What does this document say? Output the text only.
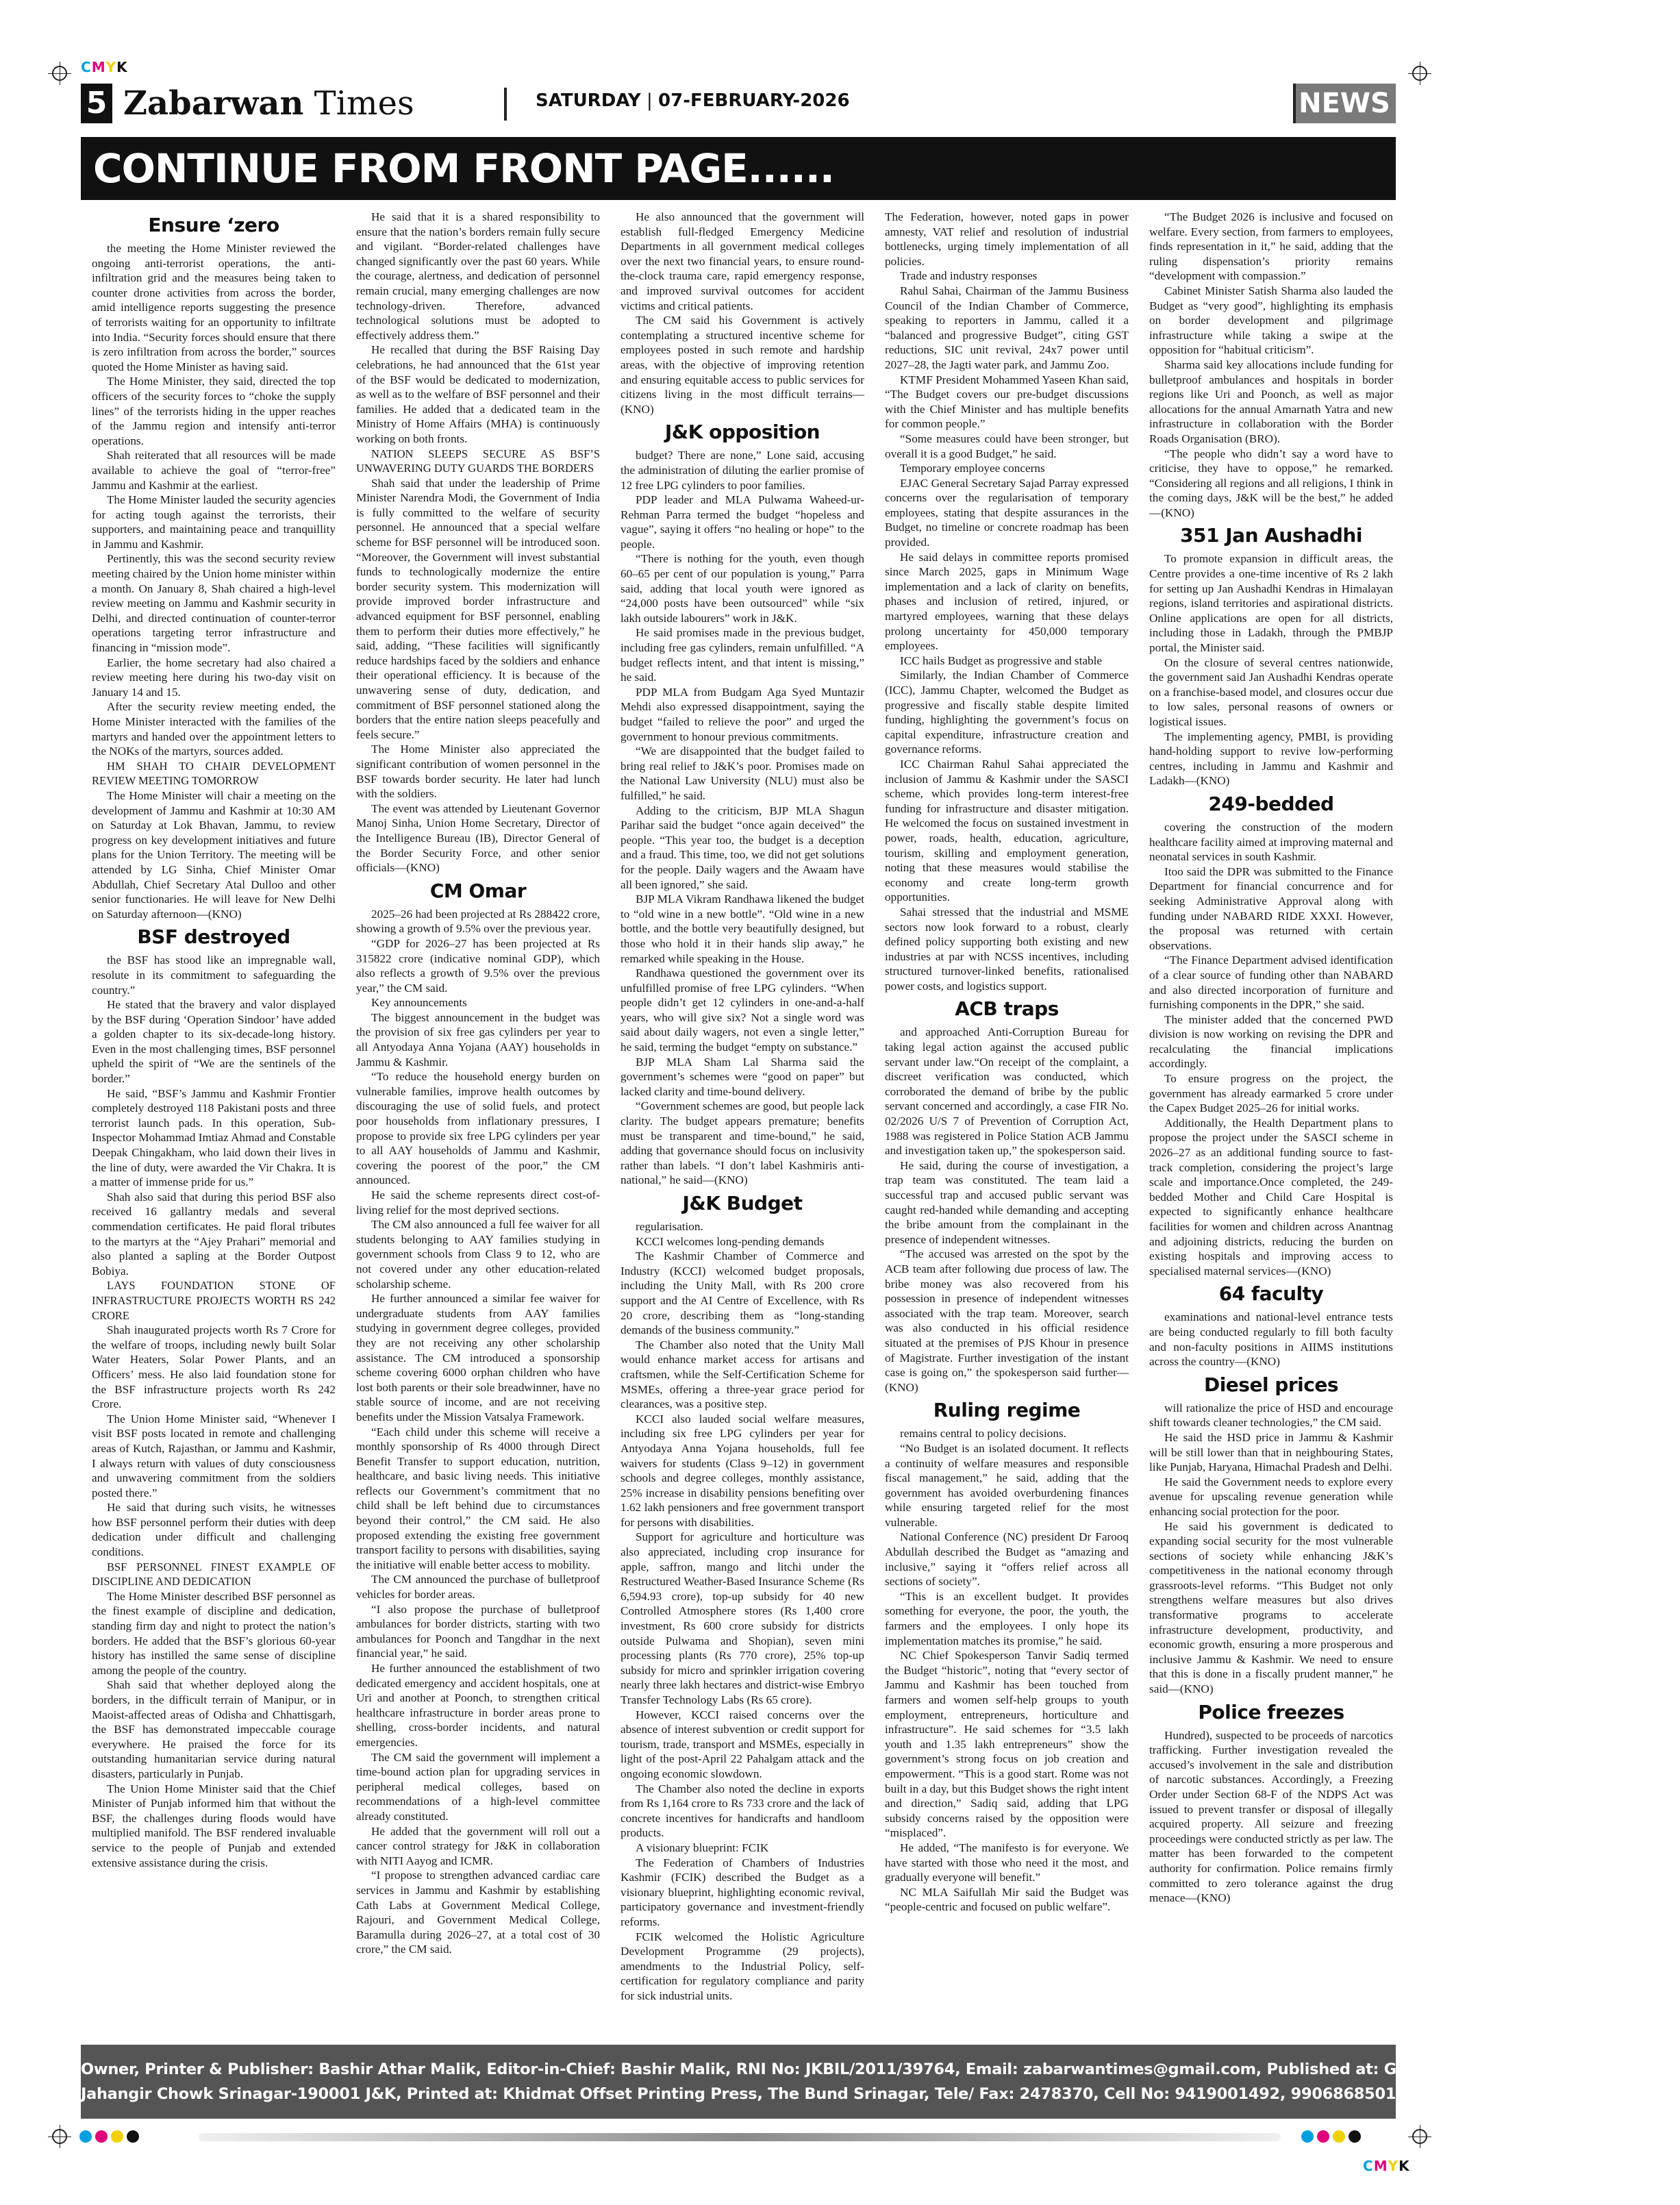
CMYK
5 Zabarwan Times	SATURDAY | 07-FEBRUARY-2026	NEWS
CONTINUE FROM FRONT PAGE......
Ensure ‘zero

the meeting the Home Minister reviewed the ongoing anti-terrorist operations, the anti-infiltration grid and the measures being taken to counter drone activities from across the border, amid intelligence reports suggesting the presence of terrorists waiting for an opportunity to infiltrate into India. “Security forces should ensure that there is zero infiltration from across the border,” sources quoted the Home Minister as having said.

The Home Minister, they said, directed the top officers of the security forces to “choke the supply lines” of the terrorists hiding in the upper reaches of the Jammu region and intensify anti-terror operations.

Shah reiterated that all resources will be made available to achieve the goal of “terror-free” Jammu and Kashmir at the earliest.

The Home Minister lauded the security agencies for acting tough against the terrorists, their supporters, and maintaining peace and tranquillity in Jammu and Kashmir.

Pertinently, this was the second security review meeting chaired by the Union home minister within a month. On January 8, Shah chaired a high-level review meeting on Jammu and Kashmir security in Delhi, and directed continuation of counter-terror operations targeting terror infrastructure and financing in “mission mode”.

Earlier, the home secretary had also chaired a review meeting here during his two-day visit on January 14 and 15.

After the security review meeting ended, the Home Minister interacted with the families of the martyrs and handed over the appointment letters to the NOKs of the martyrs, sources added.

HM SHAH TO CHAIR DEVELOPMENT REVIEW MEETING TOMORROW

The Home Minister will chair a meeting on the development of Jammu and Kashmir at 10:30 AM on Saturday at Lok Bhavan, Jammu, to review progress on key development initiatives and future plans for the Union Territory. The meeting will be attended by LG Sinha, Chief Minister Omar Abdullah, Chief Secretary Atal Dulloo and other senior functionaries. He will leave for New Delhi on Saturday afternoon—(KNO)

BSF destroyed

the BSF has stood like an impregnable wall, resolute in its commitment to safeguarding the country.”

He stated that the bravery and valor displayed by the BSF during ‘Operation Sindoor’ have added a golden chapter to its six-decade-long history. Even in the most challenging times, BSF personnel upheld the spirit of “We are the sentinels of the border.”

He said, “BSF’s Jammu and Kashmir Frontier completely destroyed 118 Pakistani posts and three terrorist launch pads. In this operation, Sub-Inspector Mohammad Imtiaz Ahmad and Constable Deepak Chingakham, who laid down their lives in the line of duty, were awarded the Vir Chakra. It is a matter of immense pride for us.”

Shah also said that during this period BSF also received 16 gallantry medals and several commendation certificates. He paid floral tributes to the martyrs at the “Ajey Prahari” memorial and also planted a sapling at the Border Outpost Bobiya.

LAYS FOUNDATION STONE OF INFRASTRUCTURE PROJECTS WORTH RS 242 CRORE

Shah inaugurated projects worth Rs 7 Crore for the welfare of troops, including newly built Solar Water Heaters, Solar Power Plants, and an Officers’ mess. He also laid foundation stone for the BSF infrastructure projects worth Rs 242 Crore.

The Union Home Minister said, “Whenever I visit BSF posts located in remote and challenging areas of Kutch, Rajasthan, or Jammu and Kashmir, I always return with values of duty consciousness and unwavering commitment from the soldiers posted there.”

He said that during such visits, he witnesses how BSF personnel perform their duties with deep dedication under difficult and challenging conditions.

BSF PERSONNEL FINEST EXAMPLE OF DISCIPLINE AND DEDICATION

The Home Minister described BSF personnel as the finest example of discipline and dedication, standing firm day and night to protect the nation’s borders. He added that the BSF’s glorious 60-year history has instilled the same sense of discipline among the people of the country.

Shah said that whether deployed along the borders, in the difficult terrain of Manipur, or in Maoist-affected areas of Odisha and Chhattisgarh, the BSF has demonstrated impeccable courage everywhere. He praised the force for its outstanding humanitarian service during natural disasters, particularly in Punjab.

The Union Home Minister said that the Chief Minister of Punjab informed him that without the BSF, the challenges during floods would have multiplied manifold. The BSF rendered invaluable service to the people of Punjab and extended extensive assistance during the crisis.

He said that it is a shared responsibility to ensure that the nation’s borders remain fully secure and vigilant. “Border-related challenges have changed significantly over the past 60 years. While the courage, alertness, and dedication of personnel remain crucial, many emerging challenges are now technology-driven. Therefore, advanced technological solutions must be adopted to effectively address them.”

He recalled that during the BSF Raising Day celebrations, he had announced that the 61st year of the BSF would be dedicated to modernization, as well as to the welfare of BSF personnel and their families. He added that a dedicated team in the Ministry of Home Affairs (MHA) is continuously working on both fronts.

NATION SLEEPS SECURE AS BSF’S UNWAVERING DUTY GUARDS THE BORDERS

Shah said that under the leadership of Prime Minister Narendra Modi, the Government of India is fully committed to the welfare of security personnel. He announced that a special welfare scheme for BSF personnel will be introduced soon. “Moreover, the Government will invest substantial funds to technologically modernize the entire border security system. This modernization will provide improved border infrastructure and advanced equipment for BSF personnel, enabling them to perform their duties more effectively,” he said, adding, “These facilities will significantly reduce hardships faced by the soldiers and enhance their operational efficiency. It is because of the unwavering sense of duty, dedication, and commitment of BSF personnel stationed along the borders that the entire nation sleeps peacefully and feels secure.”

The Home Minister also appreciated the significant contribution of women personnel in the BSF towards border security. He later had lunch with the soldiers.

The event was attended by Lieutenant Governor Manoj Sinha, Union Home Secretary, Director of the Intelligence Bureau (IB), Director General of the Border Security Force, and other senior officials—(KNO)

CM Omar

2025–26 had been projected at Rs 288422 crore, showing a growth of 9.5% over the previous year.

“GDP for 2026–27 has been projected at Rs 315822 crore (indicative nominal GDP), which also reflects a growth of 9.5% over the previous year,” the CM said.

Key announcements

The biggest announcement in the budget was the provision of six free gas cylinders per year to all Antyodaya Anna Yojana (AAY) households in Jammu & Kashmir.

“To reduce the household energy burden on vulnerable families, improve health outcomes by discouraging the use of solid fuels, and protect poor households from inflationary pressures, I propose to provide six free LPG cylinders per year to all AAY households of Jammu and Kashmir, covering the poorest of the poor,” the CM announced.

He said the scheme represents direct cost-of-living relief for the most deprived sections.

The CM also announced a full fee waiver for all students belonging to AAY families studying in government schools from Class 9 to 12, who are not covered under any other education-related scholarship scheme.

He further announced a similar fee waiver for undergraduate students from AAY families studying in government degree colleges, provided they are not receiving any other scholarship assistance. The CM introduced a sponsorship scheme covering 6000 orphan children who have lost both parents or their sole breadwinner, have no stable source of income, and are not receiving benefits under the Mission Vatsalya Framework.

“Each child under this scheme will receive a monthly sponsorship of Rs 4000 through Direct Benefit Transfer to support education, nutrition, healthcare, and basic living needs. This initiative reflects our Government’s commitment that no child shall be left behind due to circumstances beyond their control,” the CM said. He also proposed extending the existing free government transport facility to persons with disabilities, saying the initiative will enable better access to mobility.

The CM announced the purchase of bulletproof vehicles for border areas.

“I also propose the purchase of bulletproof ambulances for border districts, starting with two ambulances for Poonch and Tangdhar in the next financial year,” he said.

He further announced the establishment of two dedicated emergency and accident hospitals, one at Uri and another at Poonch, to strengthen critical healthcare infrastructure in border areas prone to shelling, cross-border incidents, and natural emergencies.

The CM said the government will implement a time-bound action plan for upgrading services in peripheral medical colleges, based on recommendations of a high-level committee already constituted.

He added that the government will roll out a cancer control strategy for J&K in collaboration with NITI Aayog and ICMR.

“I propose to strengthen advanced cardiac care services in Jammu and Kashmir by establishing Cath Labs at Government Medical College, Rajouri, and Government Medical College, Baramulla during 2026–27, at a total cost of 30 crore,” the CM said.

He also announced that the government will establish full-fledged Emergency Medicine Departments in all government medical colleges over the next two financial years, to ensure round-the-clock trauma care, rapid emergency response, and improved survival outcomes for accident victims and critical patients.

The CM said his Government is actively contemplating a structured incentive scheme for employees posted in such remote and hardship areas, with the objective of improving retention and ensuring equitable access to public services for citizens living in the most difficult terrains—(KNO)

J&K opposition

budget? There are none,” Lone said, accusing the administration of diluting the earlier promise of 12 free LPG cylinders to poor families.

PDP leader and MLA Pulwama Waheed-ur-Rehman Parra termed the budget “hopeless and vague”, saying it offers “no healing or hope” to the people.

“There is nothing for the youth, even though 60–65 per cent of our population is young,” Parra said, adding that local youth were ignored as “24,000 posts have been outsourced” while “six lakh outside labourers” work in J&K.

He said promises made in the previous budget, including free gas cylinders, remain unfulfilled. “A budget reflects intent, and that intent is missing,” he said.

PDP MLA from Budgam Aga Syed Muntazir Mehdi also expressed disappointment, saying the budget “failed to relieve the poor” and urged the government to honour previous commitments.

“We are disappointed that the budget failed to bring real relief to J&K’s poor. Promises made on the National Law University (NLU) must also be fulfilled,” he said.

Adding to the criticism, BJP MLA Shagun Parihar said the budget “once again deceived” the people. “This year too, the budget is a deception and a fraud. This time, too, we did not get solutions for the people. Daily wagers and the Awaam have all been ignored,” she said.

BJP MLA Vikram Randhawa likened the budget to “old wine in a new bottle”. “Old wine in a new bottle, and the bottle very beautifully designed, but those who hold it in their hands slip away,” he remarked while speaking in the House.

Randhawa questioned the government over its unfulfilled promise of free LPG cylinders. “When people didn’t get 12 cylinders in one-and-a-half years, who will give six? Not a single word was said about daily wagers, not even a single letter,” he said, terming the budget “empty on substance.”

BJP MLA Sham Lal Sharma said the government’s schemes were “good on paper” but lacked clarity and time-bound delivery.

“Government schemes are good, but people lack clarity. The budget appears premature; benefits must be transparent and time-bound,” he said, adding that governance should focus on inclusivity rather than labels. “I don’t label Kashmiris anti-national,” he said—(KNO)

J&K Budget

regularisation.

KCCI welcomes long-pending demands

The Kashmir Chamber of Commerce and Industry (KCCI) welcomed budget proposals, including the Unity Mall, with Rs 200 crore support and the AI Centre of Excellence, with Rs 20 crore, describing them as “long-standing demands of the business community.”

The Chamber also noted that the Unity Mall would enhance market access for artisans and craftsmen, while the Self-Certification Scheme for MSMEs, offering a three-year grace period for clearances, was a positive step.

KCCI also lauded social welfare measures, including six free LPG cylinders per year for Antyodaya Anna Yojana households, full fee waivers for students (Class 9–12) in government schools and degree colleges, monthly assistance, 25% increase in disability pensions benefiting over 1.62 lakh pensioners and free government transport for persons with disabilities.

Support for agriculture and horticulture was also appreciated, including crop insurance for apple, saffron, mango and litchi under the Restructured Weather-Based Insurance Scheme (Rs 6,594.93 crore), top-up subsidy for 40 new Controlled Atmosphere stores (Rs 1,400 crore investment, Rs 600 crore subsidy for districts outside Pulwama and Shopian), seven mini processing plants (Rs 770 crore), 25% top-up subsidy for micro and sprinkler irrigation covering nearly three lakh hectares and district-wise Embryo Transfer Technology Labs (Rs 65 crore).

However, KCCI raised concerns over the absence of interest subvention or credit support for tourism, trade, transport and MSMEs, especially in light of the post-April 22 Pahalgam attack and the ongoing economic slowdown.

The Chamber also noted the decline in exports from Rs 1,164 crore to Rs 733 crore and the lack of concrete incentives for handicrafts and handloom products.

A visionary blueprint: FCIK

The Federation of Chambers of Industries Kashmir (FCIK) described the Budget as a visionary blueprint, highlighting economic revival, participatory governance and investment-friendly reforms.

FCIK welcomed the Holistic Agriculture Development Programme (29 projects), amendments to the Industrial Policy, self-certification for regulatory compliance and parity for sick industrial units.

The Federation, however, noted gaps in power amnesty, VAT relief and resolution of industrial bottlenecks, urging timely implementation of all policies.

Trade and industry responses

Rahul Sahai, Chairman of the Jammu Business Council of the Indian Chamber of Commerce, speaking to reporters in Jammu, called it a “balanced and progressive Budget”, citing GST reductions, SIC unit revival, 24x7 power until 2027–28, the Jagti water park, and Jammu Zoo.

KTMF President Mohammed Yaseen Khan said, “The Budget covers our pre-budget discussions with the Chief Minister and has multiple benefits for common people.”

“Some measures could have been stronger, but overall it is a good Budget,” he said.

Temporary employee concerns

EJAC General Secretary Sajad Parray expressed concerns over the regularisation of temporary employees, stating that despite assurances in the Budget, no timeline or concrete roadmap has been provided.

He said delays in committee reports promised since March 2025, gaps in Minimum Wage implementation and a lack of clarity on benefits, phases and inclusion of retired, injured, or martyred employees, warning that these delays prolong uncertainty for 450,000 temporary employees.

ICC hails Budget as progressive and stable

Similarly, the Indian Chamber of Commerce (ICC), Jammu Chapter, welcomed the Budget as progressive and fiscally stable despite limited funding, highlighting the government’s focus on capital expenditure, infrastructure creation and governance reforms.

ICC Chairman Rahul Sahai appreciated the inclusion of Jammu & Kashmir under the SASCI scheme, which provides long-term interest-free funding for infrastructure and disaster mitigation. He welcomed the focus on sustained investment in power, roads, health, education, agriculture, tourism, skilling and employment generation, noting that these measures would stabilise the economy and create long-term growth opportunities.

Sahai stressed that the industrial and MSME sectors now look forward to a robust, clearly defined policy supporting both existing and new industries at par with NCSS incentives, including structured turnover-linked benefits, rationalised power costs, and logistics support.

ACB traps

and approached Anti-Corruption Bureau for taking legal action against the accused public servant under law.“On receipt of the complaint, a discreet verification was conducted, which corroborated the demand of bribe by the public servant concerned and accordingly, a case FIR No. 02/2026 U/S 7 of Prevention of Corruption Act, 1988 was registered in Police Station ACB Jammu and investigation taken up,” the spokesperson said.

He said, during the course of investigation, a trap team was constituted. The team laid a successful trap and accused public servant was caught red-handed while demanding and accepting the bribe amount from the complainant in the presence of independent witnesses.

“The accused was arrested on the spot by the ACB team after following due process of law. The bribe money was also recovered from his possession in presence of independent witnesses associated with the trap team. Moreover, search was also conducted in his official residence situated at the premises of PJS Khour in presence of Magistrate. Further investigation of the instant case is going on,” the spokesperson said further—(KNO)

Ruling regime

remains central to policy decisions.

“No Budget is an isolated document. It reflects a continuity of welfare measures and responsible fiscal management,” he said, adding that the government has avoided overburdening finances while ensuring targeted relief for the most vulnerable.

National Conference (NC) president Dr Farooq Abdullah described the Budget as “amazing and inclusive,” saying it “offers relief across all sections of society”.

“This is an excellent budget. It provides something for everyone, the poor, the youth, the farmers and the employees. I only hope its implementation matches its promise,” he said.

NC Chief Spokesperson Tanvir Sadiq termed the Budget “historic”, noting that “every sector of Jammu and Kashmir has been touched from farmers and women self-help groups to youth employment, entrepreneurs, horticulture and infrastructure”. He said schemes for “3.5 lakh youth and 1.35 lakh entrepreneurs” show the government’s strong focus on job creation and empowerment. “This is a good start. Rome was not built in a day, but this Budget shows the right intent and direction,” Sadiq said, adding that LPG subsidy concerns raised by the opposition were “misplaced”.

He added, “The manifesto is for everyone. We have started with those who need it the most, and gradually everyone will benefit.”

NC MLA Saifullah Mir said the Budget was “people-centric and focused on public welfare”.

“The Budget 2026 is inclusive and focused on welfare. Every section, from farmers to employees, finds representation in it,” he said, adding that the ruling dispensation’s priority remains “development with compassion.”

Cabinet Minister Satish Sharma also lauded the Budget as “very good”, highlighting its emphasis on border development and pilgrimage infrastructure while taking a swipe at the opposition for “habitual criticism”.

Sharma said key allocations include funding for bulletproof ambulances and hospitals in border regions like Uri and Poonch, as well as major allocations for the annual Amarnath Yatra and new infrastructure in collaboration with the Border Roads Organisation (BRO).

“The people who didn’t say a word have to criticise, they have to oppose,” he remarked. “Considering all regions and all religions, I think in the coming days, J&K will be the best,” he added—(KNO)

351 Jan Aushadhi

To promote expansion in difficult areas, the Centre provides a one-time incentive of Rs 2 lakh for setting up Jan Aushadhi Kendras in Himalayan regions, island territories and aspirational districts. Online applications are open for all districts, including those in Ladakh, through the PMBJP portal, the Minister said.

On the closure of several centres nationwide, the government said Jan Aushadhi Kendras operate on a franchise-based model, and closures occur due to low sales, personal reasons of owners or logistical issues.

The implementing agency, PMBI, is providing hand-holding support to revive low-performing centres, including in Jammu and Kashmir and Ladakh—(KNO)

249-bedded

covering the construction of the modern healthcare facility aimed at improving maternal and neonatal services in south Kashmir.

Itoo said the DPR was submitted to the Finance Department for financial concurrence and for seeking Administrative Approval along with funding under NABARD RIDE XXXI. However, the proposal was returned with certain observations.

“The Finance Department advised identification of a clear source of funding other than NABARD and also directed incorporation of furniture and furnishing components in the DPR,” she said.

The minister added that the concerned PWD division is now working on revising the DPR and recalculating the financial implications accordingly.

To ensure progress on the project, the government has already earmarked 5 crore under the Capex Budget 2025–26 for initial works.

Additionally, the Health Department plans to propose the project under the SASCI scheme in 2026–27 as an additional funding source to fast-track completion, considering the project’s large scale and importance.Once completed, the 249-bedded Mother and Child Care Hospital is expected to significantly enhance healthcare facilities for women and children across Anantnag and adjoining districts, reducing the burden on existing hospitals and improving access to specialised maternal services—(KNO)

64 faculty

examinations and national-level entrance tests are being conducted regularly to fill both faculty and non-faculty positions in AIIMS institutions across the country—(KNO)

Diesel prices

will rationalize the price of HSD and encourage shift towards cleaner technologies,” the CM said.

He said the HSD price in Jammu & Kashmir will be still lower than that in neighbouring States, like Punjab, Haryana, Himachal Pradesh and Delhi.

He said the Government needs to explore every avenue for upscaling revenue generation while enhancing social protection for the poor.

He said his government is dedicated to expanding social security for the most vulnerable sections of society while enhancing J&K’s competitiveness in the national economy through grassroots-level reforms. “This Budget not only strengthens welfare measures but also drives transformative programs to accelerate infrastructure development, productivity, and economic growth, ensuring a more prosperous and inclusive Jammu & Kashmir. We need to ensure that this is done in a fiscally prudent manner,” he said—(KNO)

Police freezes

Hundred), suspected to be proceeds of narcotics trafficking. Further investigation revealed the accused’s involvement in the sale and distribution of narcotic substances. Accordingly, a Freezing Order under Section 68-F of the NDPS Act was issued to prevent transfer or disposal of illegally acquired property. All seizure and freezing proceedings were conducted strictly as per law. The matter has been forwarded to the competent authority for confirmation. Police remains firmly committed to zero tolerance against the drug menace—(KNO)

Owner, Printer & Publisher: Bashir Athar Malik, Editor-in-Chief: Bashir Malik, RNI No: JKBIL/2011/39764, Email: zabarwantimes@gmail.com, Published at: Govt. Quarters, B-6, Budshah Flats
Jahangir Chowk Srinagar-190001 J&K, Printed at: Khidmat Offset Printing Press, The Bund Srinagar, Tele/ Fax: 2478370, Cell No: 9419001492, 9906868501
CMYK
